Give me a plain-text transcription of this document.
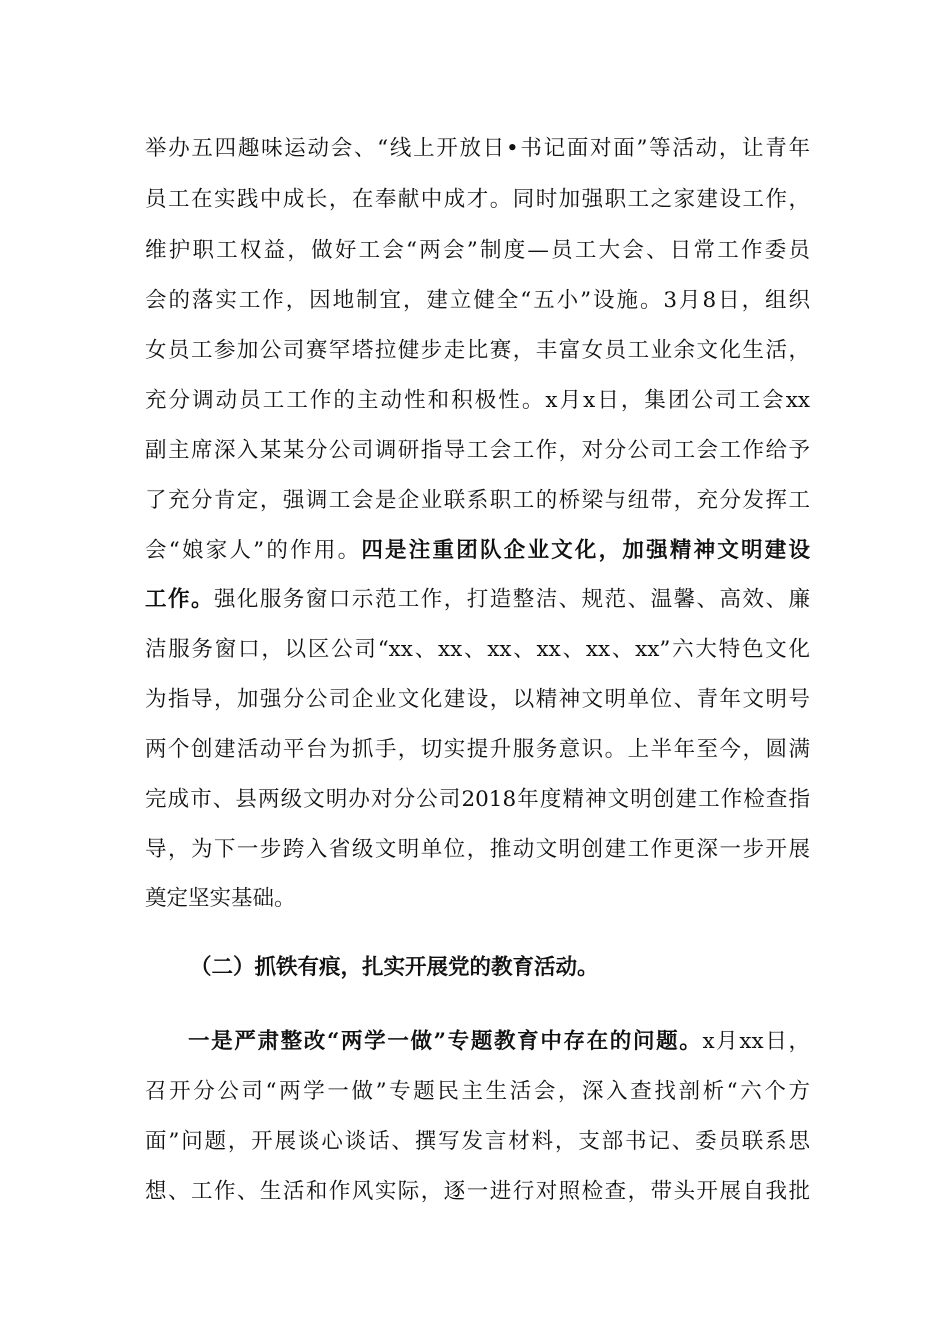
举办五四趣味运动会、“线上开放日•书记面对面”等活动，让青年
员工在实践中成长，在奉献中成才。同时加强职工之家建设工作，
维护职工权益，做好工会“两会”制度—员工大会、日常工作委员
会的落实工作，因地制宜，建立健全“五小”设施。3月8日，组织
女员工参加公司赛罕塔拉健步走比赛，丰富女员工业余文化生活，
充分调动员工工作的主动性和积极性。x月x日，集团公司工会xx
副主席深入某某分公司调研指导工会工作，对分公司工会工作给予
了充分肯定，强调工会是企业联系职工的桥梁与纽带，充分发挥工
会“娘家人”的作用。四是注重团队企业文化，加强精神文明建设
工作。强化服务窗口示范工作，打造整洁、规范、温馨、高效、廉
洁服务窗口，以区公司“xx、xx、xx、xx、xx、xx”六大特色文化
为指导，加强分公司企业文化建设，以精神文明单位、青年文明号
两个创建活动平台为抓手，切实提升服务意识。上半年至今，圆满
完成市、县两级文明办对分公司2018年度精神文明创建工作检查指
导，为下一步跨入省级文明单位，推动文明创建工作更深一步开展
奠定坚实基础。
（二）抓铁有痕，扎实开展党的教育活动。
一是严肃整改“两学一做”专题教育中存在的问题。x月xx日，
召开分公司“两学一做”专题民主生活会，深入查找剖析“六个方
面”问题，开展谈心谈话、撰写发言材料，支部书记、委员联系思
想、工作、生活和作风实际，逐一进行对照检查，带头开展自我批
